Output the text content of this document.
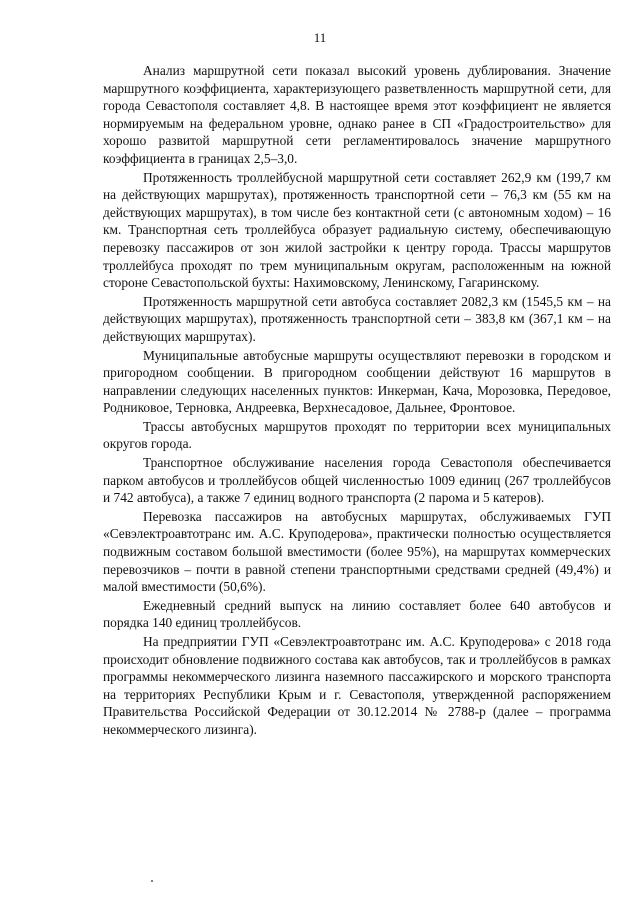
11

Анализ маршрутной сети показал высокий уровень дублирования. Значение маршрутного коэффициента, характеризующего разветвленность маршрутной сети, для города Севастополя составляет 4,8. В настоящее время этот коэффициент не является нормируемым на федеральном уровне, однако ранее в СП «Градостроительство» для хорошо развитой маршрутной сети регламентировалось значение маршрутного коэффициента в границах 2,5–3,0.

Протяженность троллейбусной маршрутной сети составляет 262,9 км (199,7 км на действующих маршрутах), протяженность транспортной сети – 76,3 км (55 км на действующих маршрутах), в том числе без контактной сети (с автономным ходом) – 16 км. Транспортная сеть троллейбуса образует радиальную систему, обеспечивающую перевозку пассажиров от зон жилой застройки к центру города. Трассы маршрутов троллейбуса проходят по трем муниципальным округам, расположенным на южной стороне Севастопольской бухты: Нахимовскому, Ленинскому, Гагаринскому.

Протяженность маршрутной сети автобуса составляет 2082,3 км (1545,5 км – на действующих маршрутах), протяженность транспортной сети – 383,8 км (367,1 км – на действующих маршрутах).

Муниципальные автобусные маршруты осуществляют перевозки в городском и пригородном сообщении. В пригородном сообщении действуют 16 маршрутов в направлении следующих населенных пунктов: Инкерман, Кача, Морозовка, Передовое, Родниковое, Терновка, Андреевка, Верхнесадовое, Дальнее, Фронтовое.

Трассы автобусных маршрутов проходят по территории всех муниципальных округов города.

Транспортное обслуживание населения города Севастополя обеспечивается парком автобусов и троллейбусов общей численностью 1009 единиц (267 троллейбусов и 742 автобуса), а также 7 единиц водного транспорта (2 парома и 5 катеров).

Перевозка пассажиров на автобусных маршрутах, обслуживаемых ГУП «Севэлектроавтотранс им. А.С. Круподерова», практически полностью осуществляется подвижным составом большой вместимости (более 95%), на маршрутах коммерческих перевозчиков – почти в равной степени транспортными средствами средней (49,4%) и малой вместимости (50,6%).

Ежедневный средний выпуск на линию составляет более 640 автобусов и порядка 140 единиц троллейбусов.

На предприятии ГУП «Севэлектроавтотранс им. А.С. Круподерова» с 2018 года происходит обновление подвижного состава как автобусов, так и троллейбусов в рамках программы некоммерческого лизинга наземного пассажирского и морского транспорта на территориях Республики Крым и г. Севастополя, утвержденной распоряжением Правительства Российской Федерации от 30.12.2014 № 2788-р (далее – программа некоммерческого лизинга).
